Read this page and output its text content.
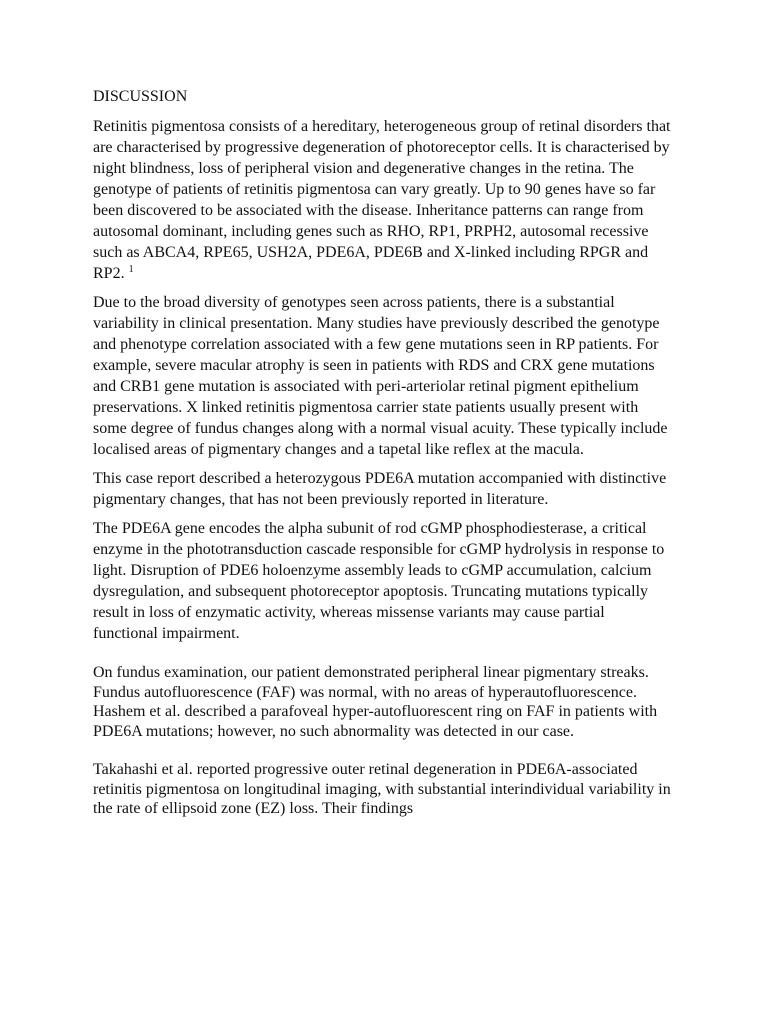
DISCUSSION

Retinitis pigmentosa consists of a hereditary, heterogeneous group of retinal disorders that are characterised by progressive degeneration of photoreceptor cells. It is characterised by night blindness, loss of peripheral vision and degenerative changes in the retina. The genotype of patients of retinitis pigmentosa can vary greatly. Up to 90 genes have so far been discovered to be associated with the disease. Inheritance patterns can range from autosomal dominant, including genes such as RHO, RP1, PRPH2, autosomal recessive such as ABCA4, RPE65, USH2A, PDE6A, PDE6B and X-linked including RPGR and RP2. $^1$

Due to the broad diversity of genotypes seen across patients, there is a substantial variability in clinical presentation. Many studies have previously described the genotype and phenotype correlation associated with a few gene mutations seen in RP patients. For example, severe macular atrophy is seen in patients with RDS and CRX gene mutations and CRB1 gene mutation is associated with peri-arteriolar retinal pigment epithelium preservations. X linked retinitis pigmentosa carrier state patients usually present with some degree of fundus changes along with a normal visual acuity. These typically include localised areas of pigmentary changes and a tapetal like reflex at the macula.

This case report described a heterozygous PDE6A mutation accompanied with distinctive pigmentary changes, that has not been previously reported in literature.

The PDE6A gene encodes the alpha subunit of rod cGMP phosphodiesterase, a critical enzyme in the phototransduction cascade responsible for cGMP hydrolysis in response to light. Disruption of PDE6 holoenzyme assembly leads to cGMP accumulation, calcium dysregulation, and subsequent photoreceptor apoptosis. Truncating mutations typically result in loss of enzymatic activity, whereas missense variants may cause partial functional impairment.

On fundus examination, our patient demonstrated peripheral linear pigmentary streaks. Fundus autofluorescence (FAF) was normal, with no areas of hyperautofluorescence. Hashem et al. described a parafoveal hyper-autofluorescent ring on FAF in patients with PDE6A mutations; however, no such abnormality was detected in our case.

Takahashi et al. reported progressive outer retinal degeneration in PDE6A-associated retinitis pigmentosa on longitudinal imaging, with substantial interindividual variability in the rate of ellipsoid zone (EZ) loss. Their findings
